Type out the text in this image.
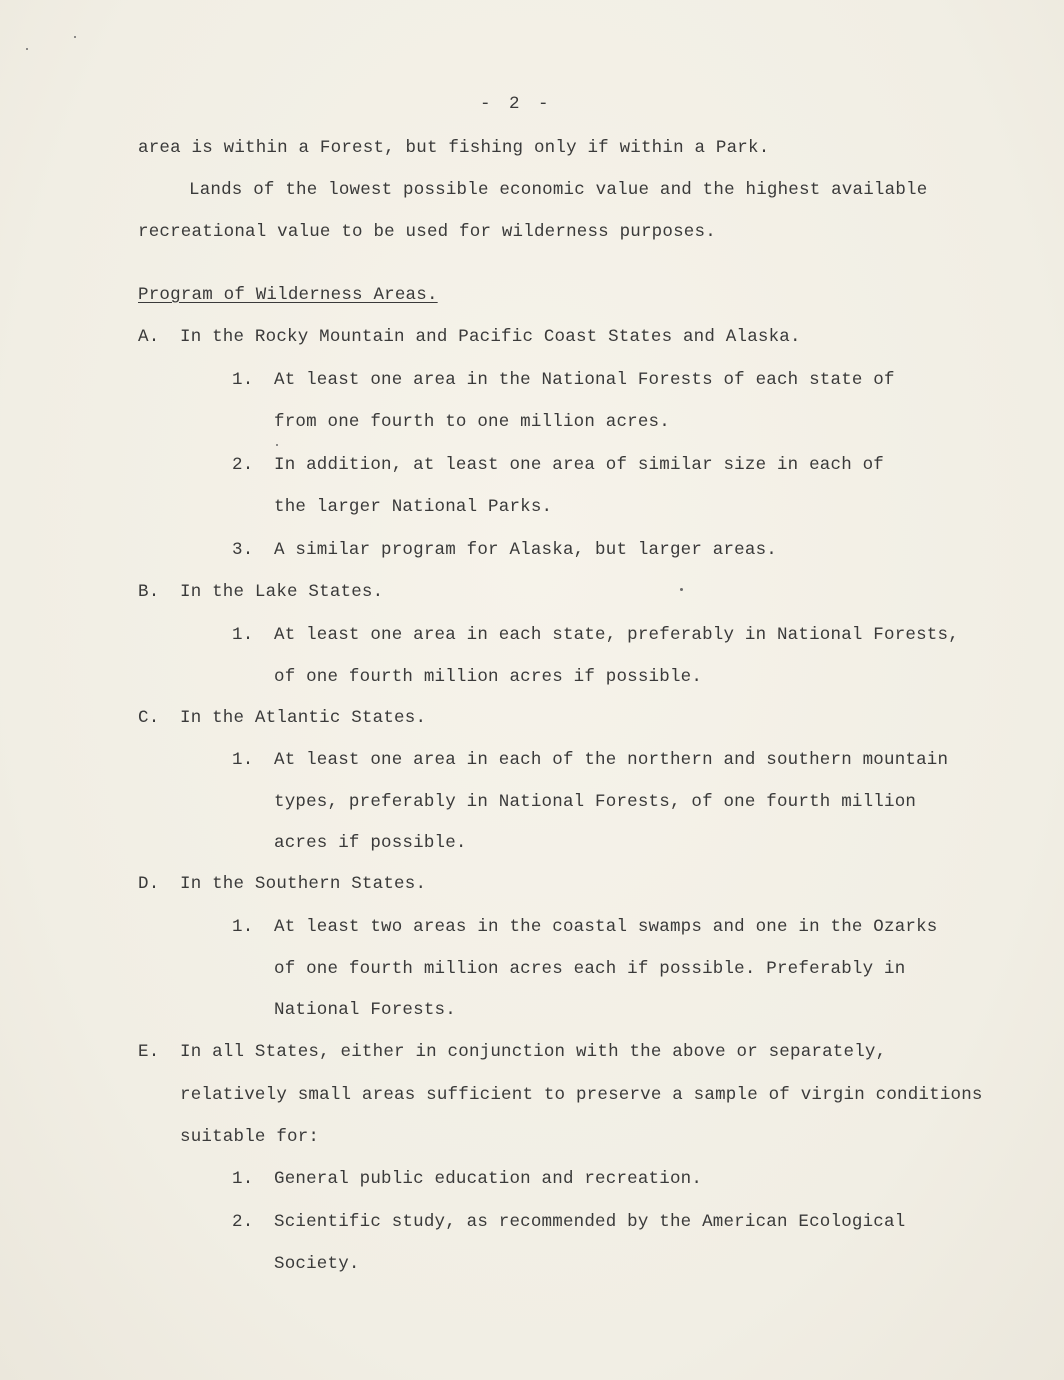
- 2 -
area is within a Forest, but fishing only if within a Park.
Lands of the lowest possible economic value and the highest available
recreational value to be used for wilderness purposes.
Program of Wilderness Areas.
A. In the Rocky Mountain and Pacific Coast States and Alaska.
1. At least one area in the National Forests of each state of
from one fourth to one million acres.
2. In addition, at least one area of similar size in each of
the larger National Parks.
3. A similar program for Alaska, but larger areas.
B. In the Lake States.
1. At least one area in each state, preferably in National Forests,
of one fourth million acres if possible.
C. In the Atlantic States.
1. At least one area in each of the northern and southern mountain
types, preferably in National Forests, of one fourth million
acres if possible.
D. In the Southern States.
1. At least two areas in the coastal swamps and one in the Ozarks
of one fourth million acres each if possible. Preferably in
National Forests.
E. In all States, either in conjunction with the above or separately,
relatively small areas sufficient to preserve a sample of virgin conditions
suitable for:
1. General public education and recreation.
2. Scientific study, as recommended by the American Ecological
Society.
